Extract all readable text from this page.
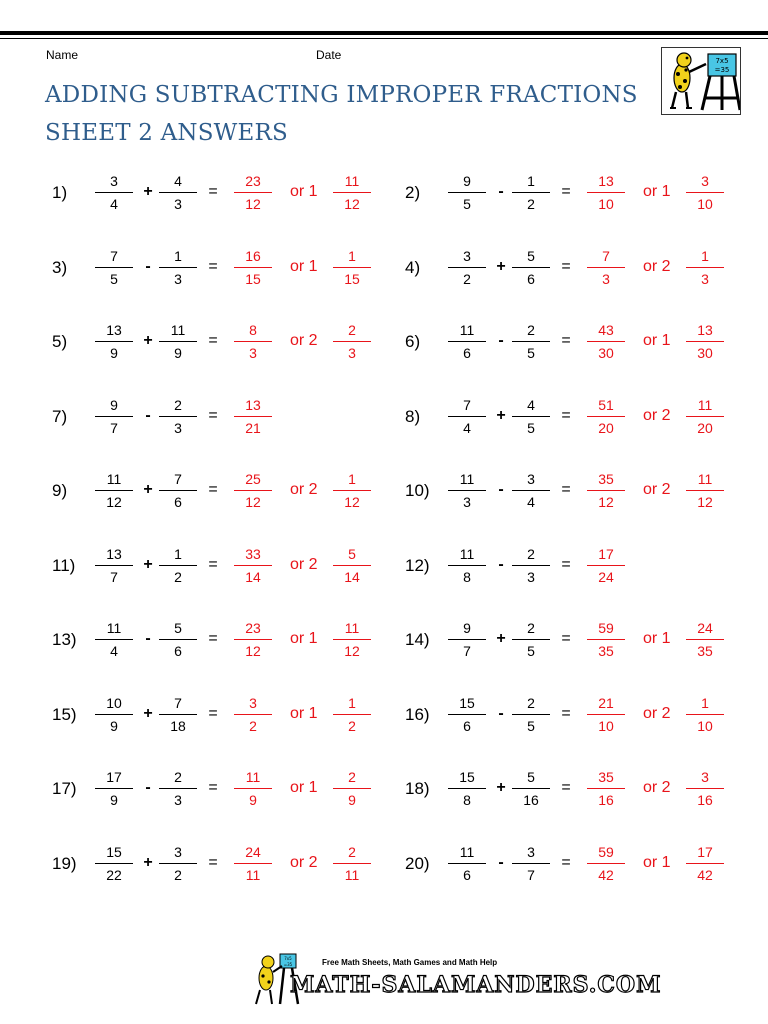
Name	Date
ADDING SUBTRACTING IMPROPER FRACTIONS
SHEET 2 ANSWERS
7x5
=35
1)
3
4
+
4
3
=
23
12
or 1
11
12
2)
9
5
-
1
2
=
13
10
or 1
3
10
3)
7
5
-
1
3
=
16
15
or 1
1
15
4)
3
2
+
5
6
=
7
3
or 2
1
3
5)
13
9
+
11
9
=
8
3
or 2
2
3
6)
11
6
-
2
5
=
43
30
or 1
13
30
7)
9
7
-
2
3
=
13
21
8)
7
4
+
4
5
=
51
20
or 2
11
20
9)
11
12
+
7
6
=
25
12
or 2
1
12
10)
11
3
-
3
4
=
35
12
or 2
11
12
11)
13
7
+
1
2
=
33
14
or 2
5
14
12)
11
8
-
2
3
=
17
24
13)
11
4
-
5
6
=
23
12
or 1
11
12
14)
9
7
+
2
5
=
59
35
or 1
24
35
15)
10
9
+
7
18
=
3
2
or 1
1
2
16)
15
6
-
2
5
=
21
10
or 2
1
10
17)
17
9
-
2
3
=
11
9
or 1
2
9
18)
15
8
+
5
16
=
35
16
or 2
3
16
19)
15
22
+
3
2
=
24
11
or 2
2
11
20)
11
6
-
3
7
=
59
42
or 1
17
42
7x5
=35	Free Math Sheets, Math Games and Math Help
MATH-SALAMANDERS.COM
